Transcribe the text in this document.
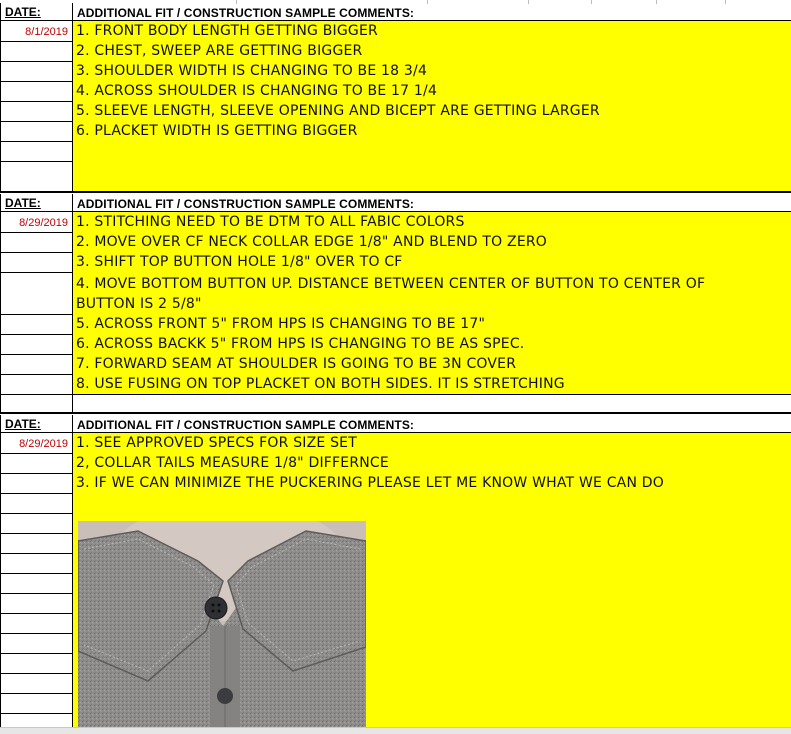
DATE:	ADDITIONAL FIT / CONSTRUCTION SAMPLE COMMENTS:
8/1/2019 1. FRONT BODY LENGTH GETTING BIGGER
2. CHEST, SWEEP ARE GETTING BIGGER
3. SHOULDER WIDTH IS CHANGING TO BE 18 3/4
4. ACROSS SHOULDER IS CHANGING TO BE 17 1/4
5. SLEEVE LENGTH, SLEEVE OPENING AND BICEPT ARE GETTING LARGER
6. PLACKET WIDTH IS GETTING BIGGER
DATE:	ADDITIONAL FIT / CONSTRUCTION SAMPLE COMMENTS:
8/29/2019 1. STITCHING NEED TO BE DTM TO ALL FABIC COLORS
2. MOVE OVER CF NECK COLLAR EDGE 1/8" AND BLEND TO ZERO
3. SHIFT TOP BUTTON HOLE 1/8" OVER TO CF
4. MOVE BOTTOM BUTTON UP. DISTANCE BETWEEN CENTER OF BUTTON TO CENTER OF
BUTTON IS 2 5/8"
5. ACROSS FRONT 5" FROM HPS IS CHANGING TO BE 17"
6. ACROSS BACKK 5" FROM HPS IS CHANGING TO BE AS SPEC.
7. FORWARD SEAM AT SHOULDER IS GOING TO BE 3N COVER
8. USE FUSING ON TOP PLACKET ON BOTH SIDES. IT IS STRETCHING
DATE:	ADDITIONAL FIT / CONSTRUCTION SAMPLE COMMENTS:
8/29/2019 1. SEE APPROVED SPECS FOR SIZE SET
2, COLLAR TAILS MEASURE 1/8" DIFFERNCE
3. IF WE CAN MINIMIZE THE PUCKERING PLEASE LET ME KNOW WHAT WE CAN DO
